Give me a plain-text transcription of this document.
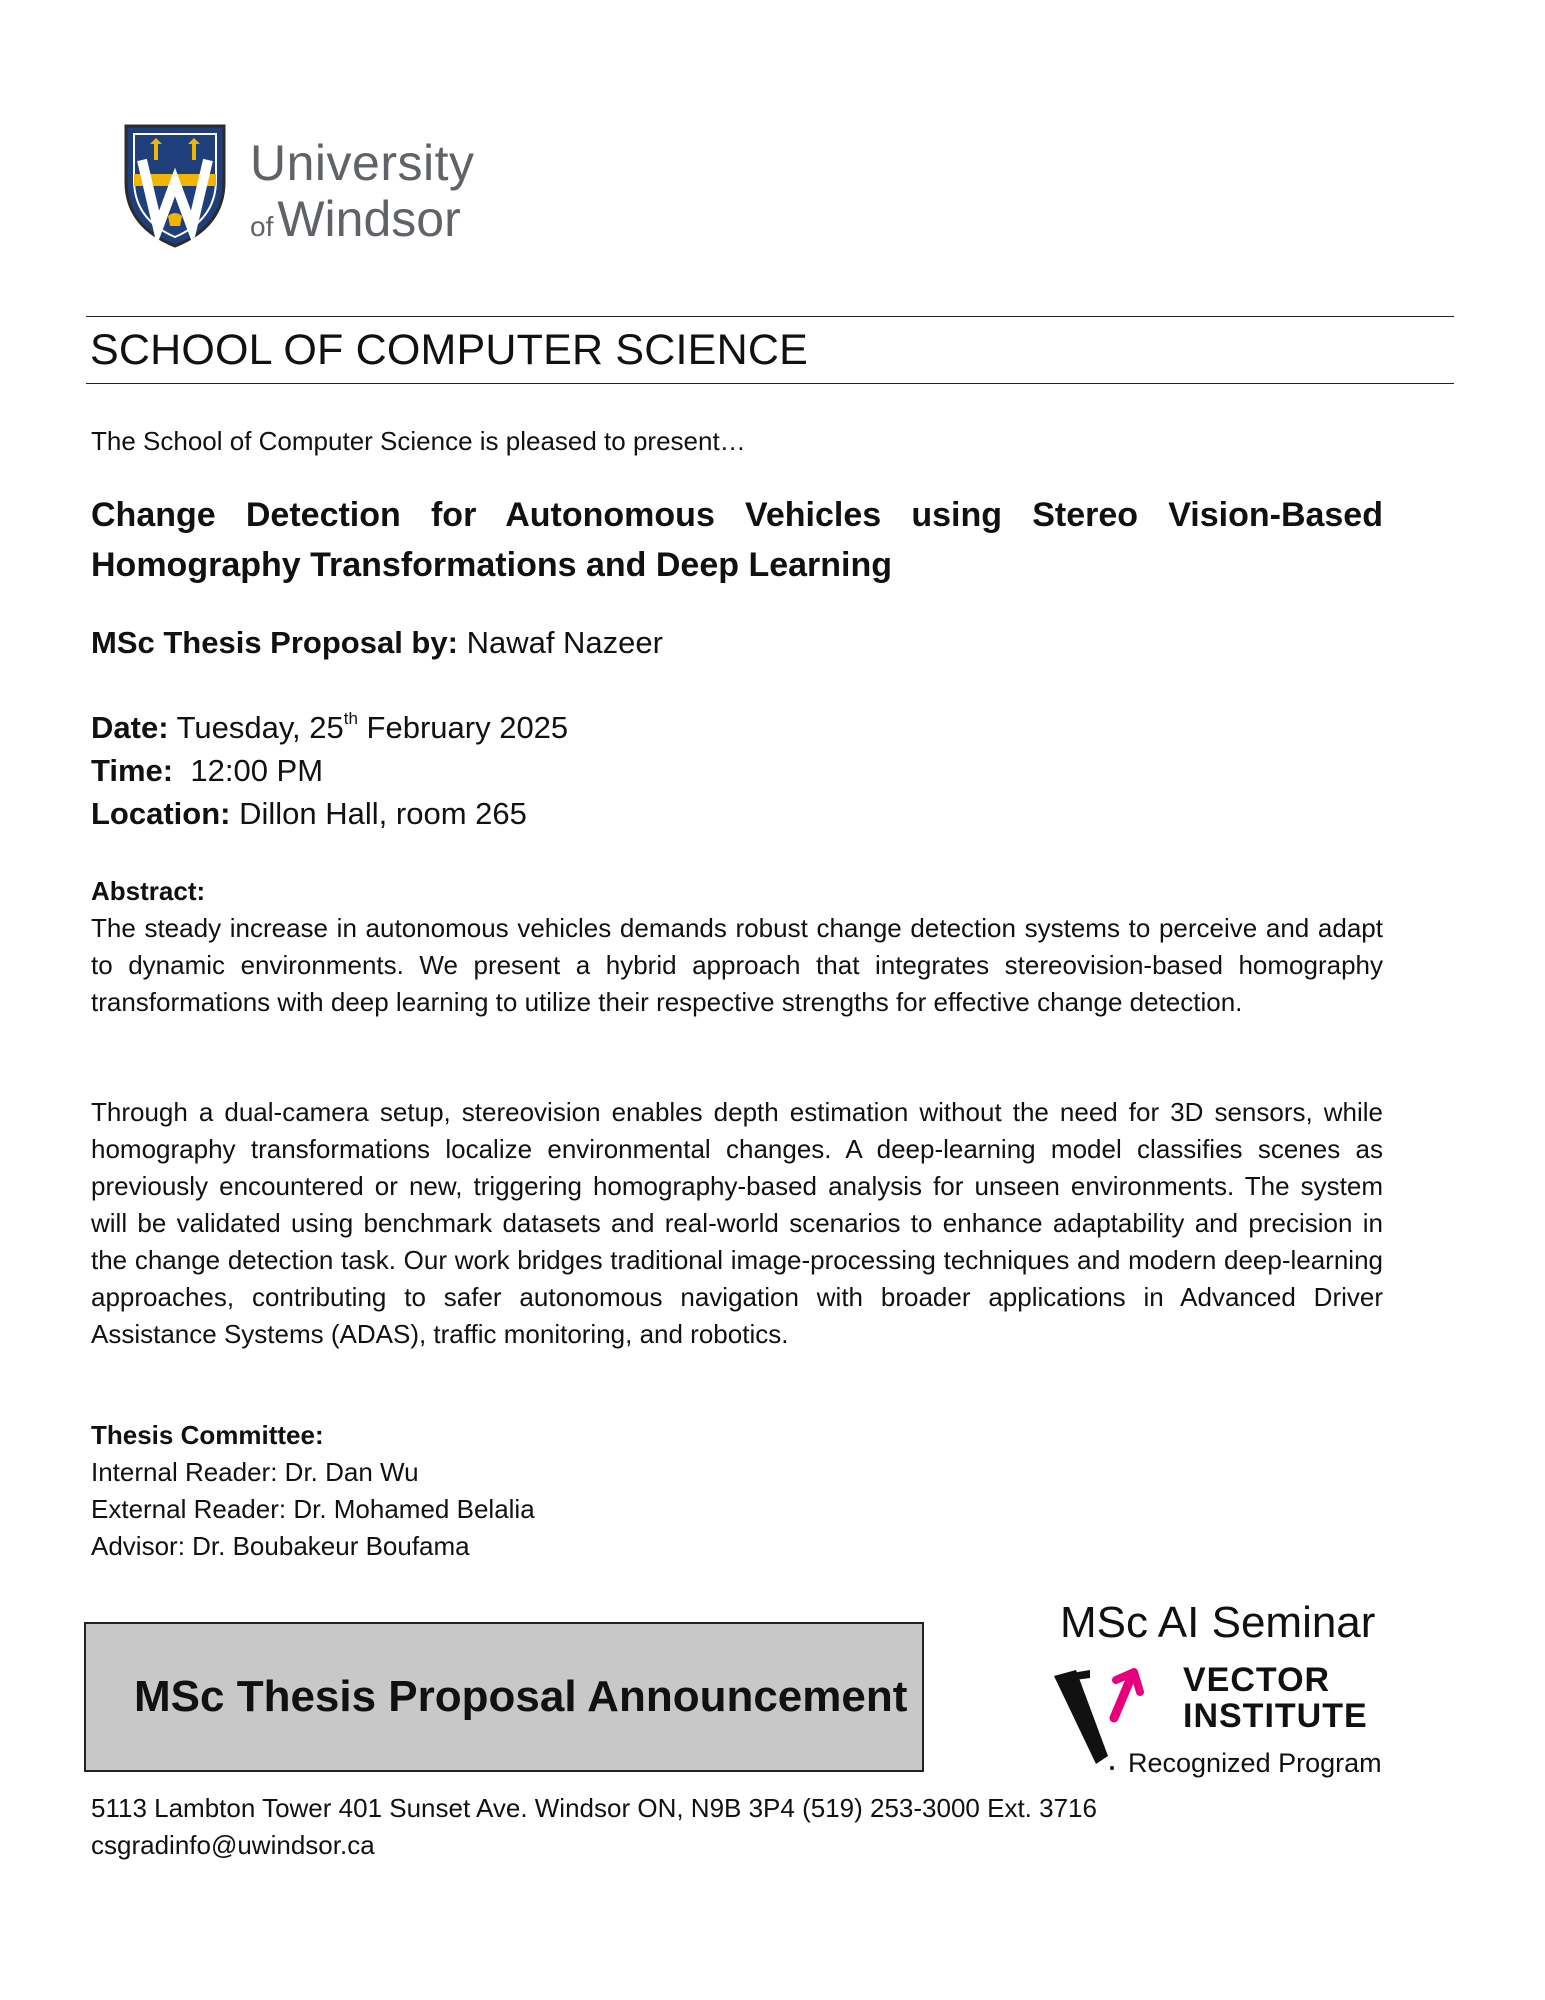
University
ofWindsor
SCHOOL OF COMPUTER SCIENCE
The School of Computer Science is pleased to present…
Change Detection for Autonomous Vehicles using Stereo Vision-Based Homography Transformations and Deep Learning
MSc Thesis Proposal by: Nawaf Nazeer
Date: Tuesday, 25th February 2025
Time: 12:00 PM
Location: Dillon Hall, room 265
Abstract:
The steady increase in autonomous vehicles demands robust change detection systems to perceive and adapt to dynamic environments. We present a hybrid approach that integrates stereovision-based homography transformations with deep learning to utilize their respective strengths for effective change detection.
Through a dual-camera setup, stereovision enables depth estimation without the need for 3D sensors, while homography transformations localize environmental changes. A deep-learning model classifies scenes as previously encountered or new, triggering homography-based analysis for unseen environments. The system will be validated using benchmark datasets and real-world scenarios to enhance adaptability and precision in the change detection task. Our work bridges traditional image-processing techniques and modern deep-learning approaches, contributing to safer autonomous navigation with broader applications in Advanced Driver Assistance Systems (ADAS), traffic monitoring, and robotics.
Thesis Committee:
Internal Reader: Dr. Dan Wu
External Reader: Dr. Mohamed Belalia
Advisor: Dr. Boubakeur Boufama
MSc Thesis Proposal Announcement
MSc AI Seminar
VECTOR
INSTITUTE
Recognized Program
5113 Lambton Tower 401 Sunset Ave. Windsor ON, N9B 3P4 (519) 253-3000 Ext. 3716
csgradinfo@uwindsor.ca
